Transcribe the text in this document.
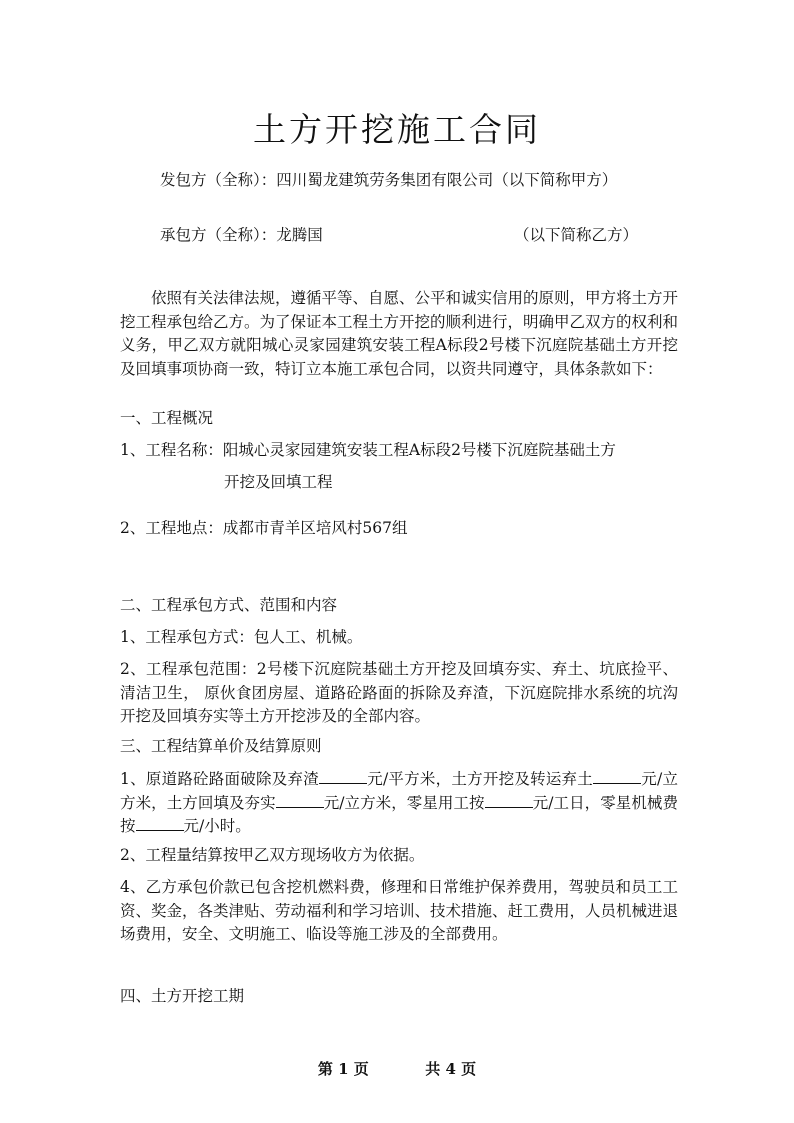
土方开挖施工合同
发包方（全称）：四川蜀龙建筑劳务集团有限公司（以下简称甲方）
承包方（全称）：龙腾国	（以下简称乙方）
依照有关法律法规，遵循平等、自愿、公平和诚实信用的原则，甲方将土方开挖工程承包给乙方。为了保证本工程土方开挖的顺利进行，明确甲乙双方的权利和义务，甲乙双方就阳城心灵家园建筑安装工程A标段2号楼下沉庭院基础土方开挖及回填事项协商一致，特订立本施工承包合同，以资共同遵守，具体条款如下：
一、工程概况
1、工程名称：阳城心灵家园建筑安装工程A标段2号楼下沉庭院基础土方
开挖及回填工程
2、工程地点：成都市青羊区培风村567组
二、工程承包方式、范围和内容
1、工程承包方式：包人工、机械。
2、工程承包范围：2号楼下沉庭院基础土方开挖及回填夯实、弃土、坑底捡平、清洁卫生， 原伙食团房屋、道路砼路面的拆除及弃渣，下沉庭院排水系统的坑沟开挖及回填夯实等土方开挖涉及的全部内容。
三、工程结算单价及结算原则
1、原道路砼路面破除及弃渣	元/平方米，土方开挖及转运弃土	元/立方米，土方回填及夯实	元/立方米，零星用工按	元/工日，零星机械费按	元/小时。
2、工程量结算按甲乙双方现场收方为依据。
4、乙方承包价款已包含挖机燃料费，修理和日常维护保养费用，驾驶员和员工工资、奖金，各类津贴、劳动福利和学习培训、技术措施、赶工费用，人员机械进退场费用，安全、文明施工、临设等施工涉及的全部费用。
四、土方开挖工期
第 1 页	共 4 页
